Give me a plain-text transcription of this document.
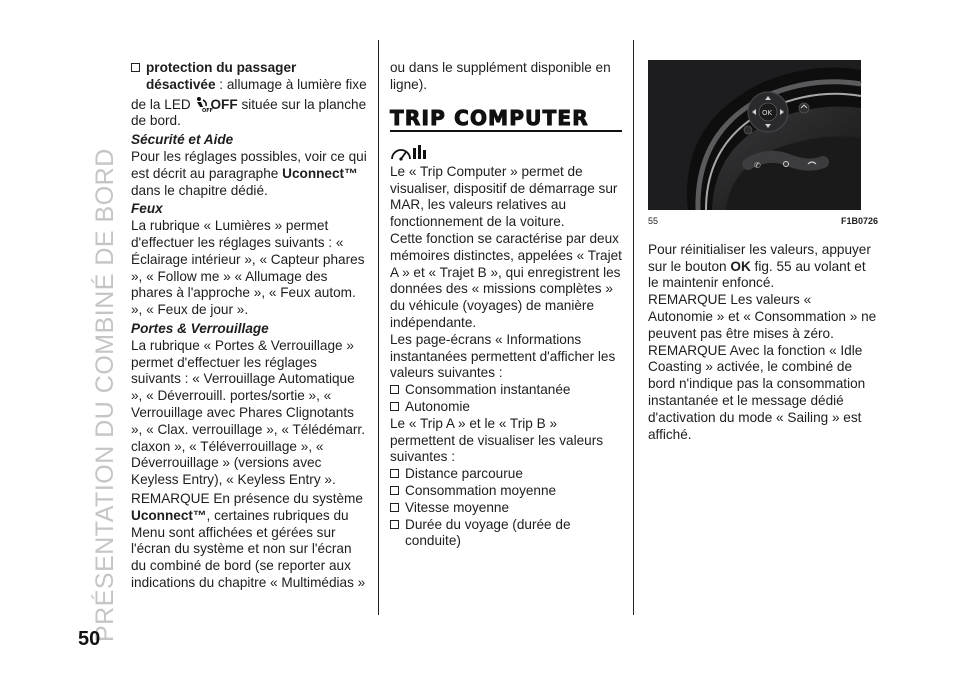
PRÉSENTATION DU COMBINÉ DE BORD
50

protection du passager désactivée : allumage à lumière fixe

de la LED OFF
OFF située sur la planche de bord.

Sécurité et Aide

Pour les réglages possibles, voir ce qui est décrit au paragraphe Uconnect™ dans le chapitre dédié.

Feux

La rubrique « Lumières » permet d'effectuer les réglages suivants : « Éclairage intérieur », « Capteur phares », « Follow me » « Allumage des phares à l'approche », « Feux autom. », « Feux de jour ».

Portes & Verrouillage

La rubrique « Portes & Verrouillage » permet d'effectuer les réglages suivants : « Verrouillage Automatique », « Déverrouill. portes/sortie », « Verrouillage avec Phares Clignotants », « Clax. verrouillage », « Télédémarr. claxon », « Téléverrouillage », « Déverrouillage » (versions avec Keyless Entry), « Keyless Entry ».

REMARQUE En présence du système Uconnect™, certaines rubriques du Menu sont affichées et gérées sur l'écran du système et non sur l'écran du combiné de bord (se reporter aux indications du chapitre « Multimédias »

ou dans le supplément disponible en ligne).

TRIP COMPUTER

Le « Trip Computer » permet de visualiser, dispositif de démarrage sur MAR, les valeurs relatives au fonctionnement de la voiture.

Cette fonction se caractérise par deux mémoires distinctes, appelées « Trajet A » et « Trajet B », qui enregistrent les données des « missions complètes » du véhicule (voyages) de manière indépendante.

Les page-écrans « Informations instantanées permettent d'afficher les valeurs suivantes :

Consommation instantanée

Autonomie

Le « Trip A » et le « Trip B » permettent de visualiser les valeurs suivantes :

Distance parcourue

Consommation moyenne

Vitesse moyenne

Durée du voyage (durée de conduite)

OK
✆
55	F1B0726

Pour réinitialiser les valeurs, appuyer sur le bouton OK fig. 55 au volant et le maintenir enfoncé.

REMARQUE Les valeurs « Autonomie » et « Consommation » ne peuvent pas être mises à zéro.

REMARQUE Avec la fonction « Idle Coasting » activée, le combiné de bord n'indique pas la consommation instantanée et le message dédié d'activation du mode « Sailing » est affiché.
